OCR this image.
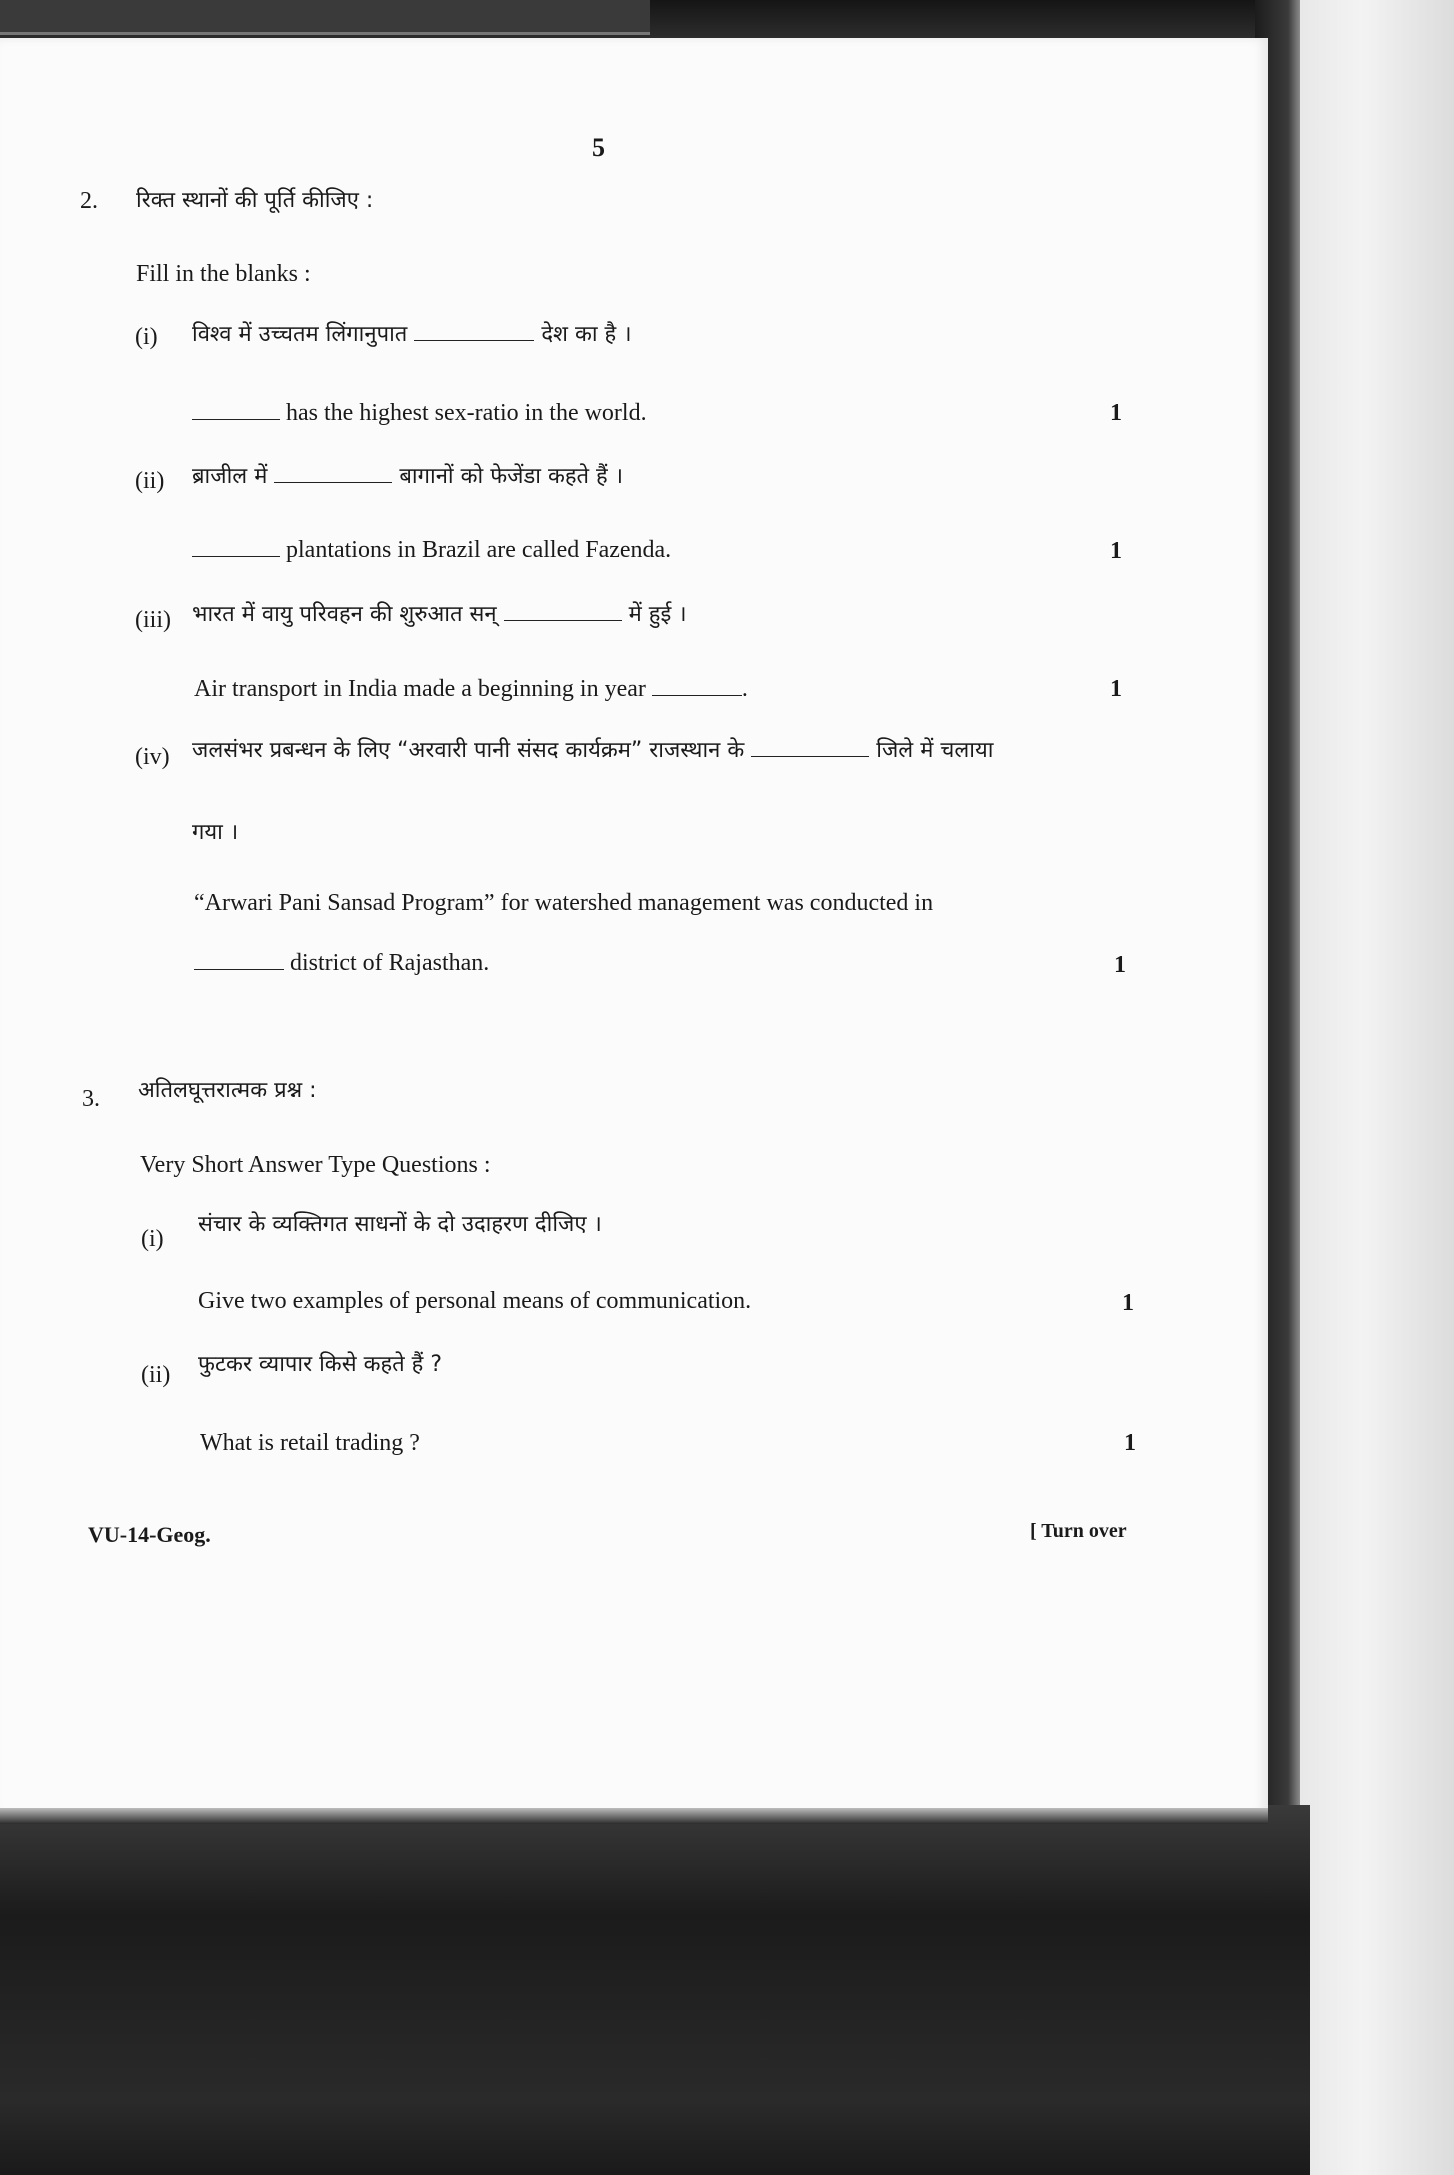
5
2. रिक्त स्थानों की पूर्ति कीजिए :
Fill in the blanks :
(i) विश्व में उच्चतम लिंगानुपात	देश का है ।
has the highest sex-ratio in the world.	1
(ii) ब्राजील में	बागानों को फेजेंडा कहते हैं ।
plantations in Brazil are called Fazenda.	1
(iii) भारत में वायु परिवहन की शुरुआत सन्	में हुई ।
Air transport in India made a beginning in year	.	1
(iv) जलसंभर प्रबन्धन के लिए “अरवारी पानी संसद कार्यक्रम” राजस्थान के	जिले में चलाया
गया ।
“Arwari Pani Sansad Program” for watershed management was conducted in
district of Rajasthan.	1
3. अतिलघूत्तरात्मक प्रश्न :
Very Short Answer Type Questions :
(i)
संचार के व्यक्तिगत साधनों के दो उदाहरण दीजिए ।
Give two examples of personal means of communication.	1
(ii) फुटकर व्यापार किसे कहते हैं ?
What is retail trading ?	1
VU-14-Geog.	[ Turn over
